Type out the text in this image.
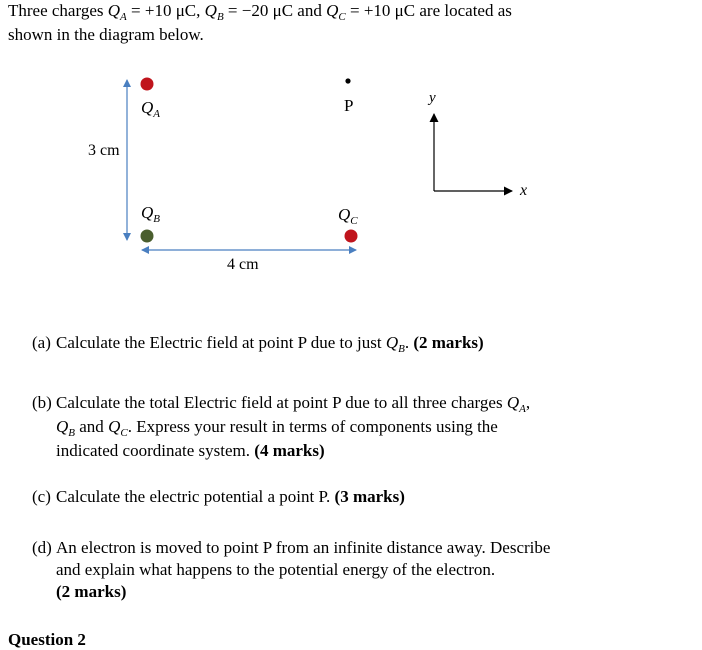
Three charges $Q_A = +10$ μC, $Q_B = -20$ μC and $Q_C = +10$ μC are located as
shown in the diagram below.
$Q_A$
$Q_B$	$Q_C$
P
3 cm
4 cm
y
x
(a) Calculate the Electric field at point P due to just $Q_B$. (2 marks)
(b) Calculate the total Electric field at point P due to all three charges $Q_A$,
$Q_B$ and $Q_C$. Express your result in terms of components using the
indicated coordinate system. (4 marks)
(c) Calculate the electric potential a point P. (3 marks)
(d) An electron is moved to point P from an infinite distance away. Describe
and explain what happens to the potential energy of the electron.
(2 marks)
Question 2
